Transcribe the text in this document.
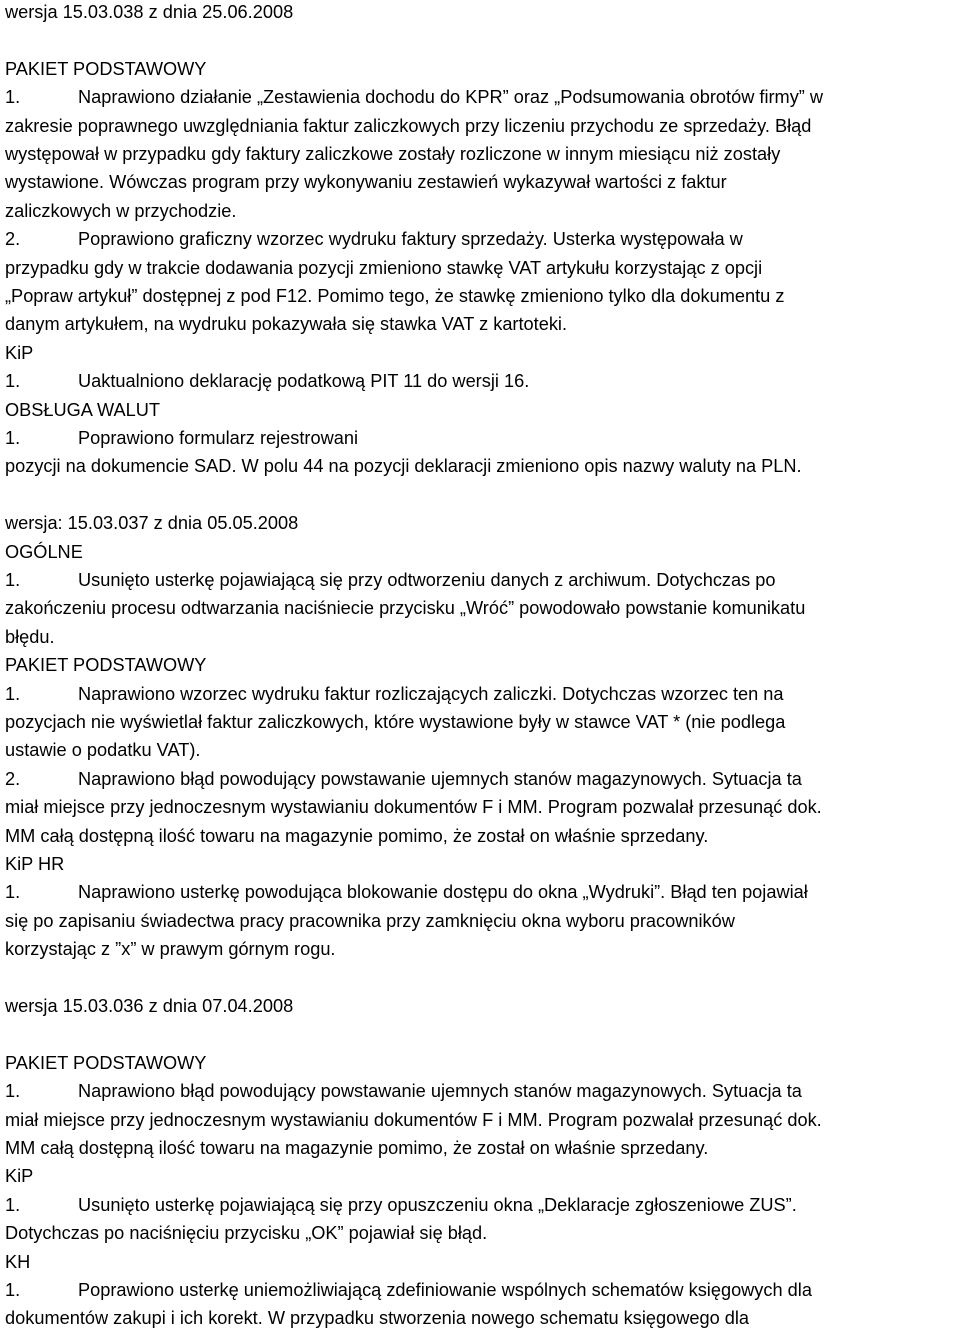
wersja 15.03.038 z dnia 25.06.2008
PAKIET PODSTAWOWY
1.	Naprawiono działanie „Zestawienia dochodu do KPR” oraz „Podsumowania obrotów firmy” w
zakresie poprawnego uwzględniania faktur zaliczkowych przy liczeniu przychodu ze sprzedaży. Błąd
występował w przypadku gdy faktury zaliczkowe zostały rozliczone w innym miesiącu niż zostały
wystawione. Wówczas program przy wykonywaniu zestawień wykazywał wartości z faktur
zaliczkowych w przychodzie.
2.	Poprawiono graficzny wzorzec wydruku faktury sprzedaży. Usterka występowała w
przypadku gdy w trakcie dodawania pozycji zmieniono stawkę VAT artykułu korzystając z opcji
„Popraw artykuł” dostępnej z pod F12. Pomimo tego, że stawkę zmieniono tylko dla dokumentu z
danym artykułem, na wydruku pokazywała się stawka VAT z kartoteki.
KiP
1.	Uaktualniono deklarację podatkową PIT 11 do wersji 16.
OBSŁUGA WALUT
1.	Poprawiono formularz rejestrowani
pozycji na dokumencie SAD. W polu 44 na pozycji deklaracji zmieniono opis nazwy waluty na PLN.
wersja: 15.03.037 z dnia 05.05.2008
OGÓLNE
1.	Usunięto usterkę pojawiającą się przy odtworzeniu danych z archiwum. Dotychczas po
zakończeniu procesu odtwarzania naciśniecie przycisku „Wróć” powodowało powstanie komunikatu
błędu.
PAKIET PODSTAWOWY
1.	Naprawiono wzorzec wydruku faktur rozliczających zaliczki. Dotychczas wzorzec ten na
pozycjach nie wyświetlał faktur zaliczkowych, które wystawione były w stawce VAT * (nie podlega
ustawie o podatku VAT).
2.	Naprawiono błąd powodujący powstawanie ujemnych stanów magazynowych. Sytuacja ta
miał miejsce przy jednoczesnym wystawianiu dokumentów F i MM. Program pozwalał przesunąć dok.
MM całą dostępną ilość towaru na magazynie pomimo, że został on właśnie sprzedany.
KiP HR
1.	Naprawiono usterkę powodująca blokowanie dostępu do okna „Wydruki”. Błąd ten pojawiał
się po zapisaniu świadectwa pracy pracownika przy zamknięciu okna wyboru pracowników
korzystając z ”x” w prawym górnym rogu.
wersja 15.03.036 z dnia 07.04.2008
PAKIET PODSTAWOWY
1.	Naprawiono błąd powodujący powstawanie ujemnych stanów magazynowych. Sytuacja ta
miał miejsce przy jednoczesnym wystawianiu dokumentów F i MM. Program pozwalał przesunąć dok.
MM całą dostępną ilość towaru na magazynie pomimo, że został on właśnie sprzedany.
KiP
1.	Usunięto usterkę pojawiającą się przy opuszczeniu okna „Deklaracje zgłoszeniowe ZUS”.
Dotychczas po naciśnięciu przycisku „OK” pojawiał się błąd.
KH
1.	Poprawiono usterkę uniemożliwiającą zdefiniowanie wspólnych schematów księgowych dla
dokumentów zakupi i ich korekt. W przypadku stworzenia nowego schematu księgowego dla
